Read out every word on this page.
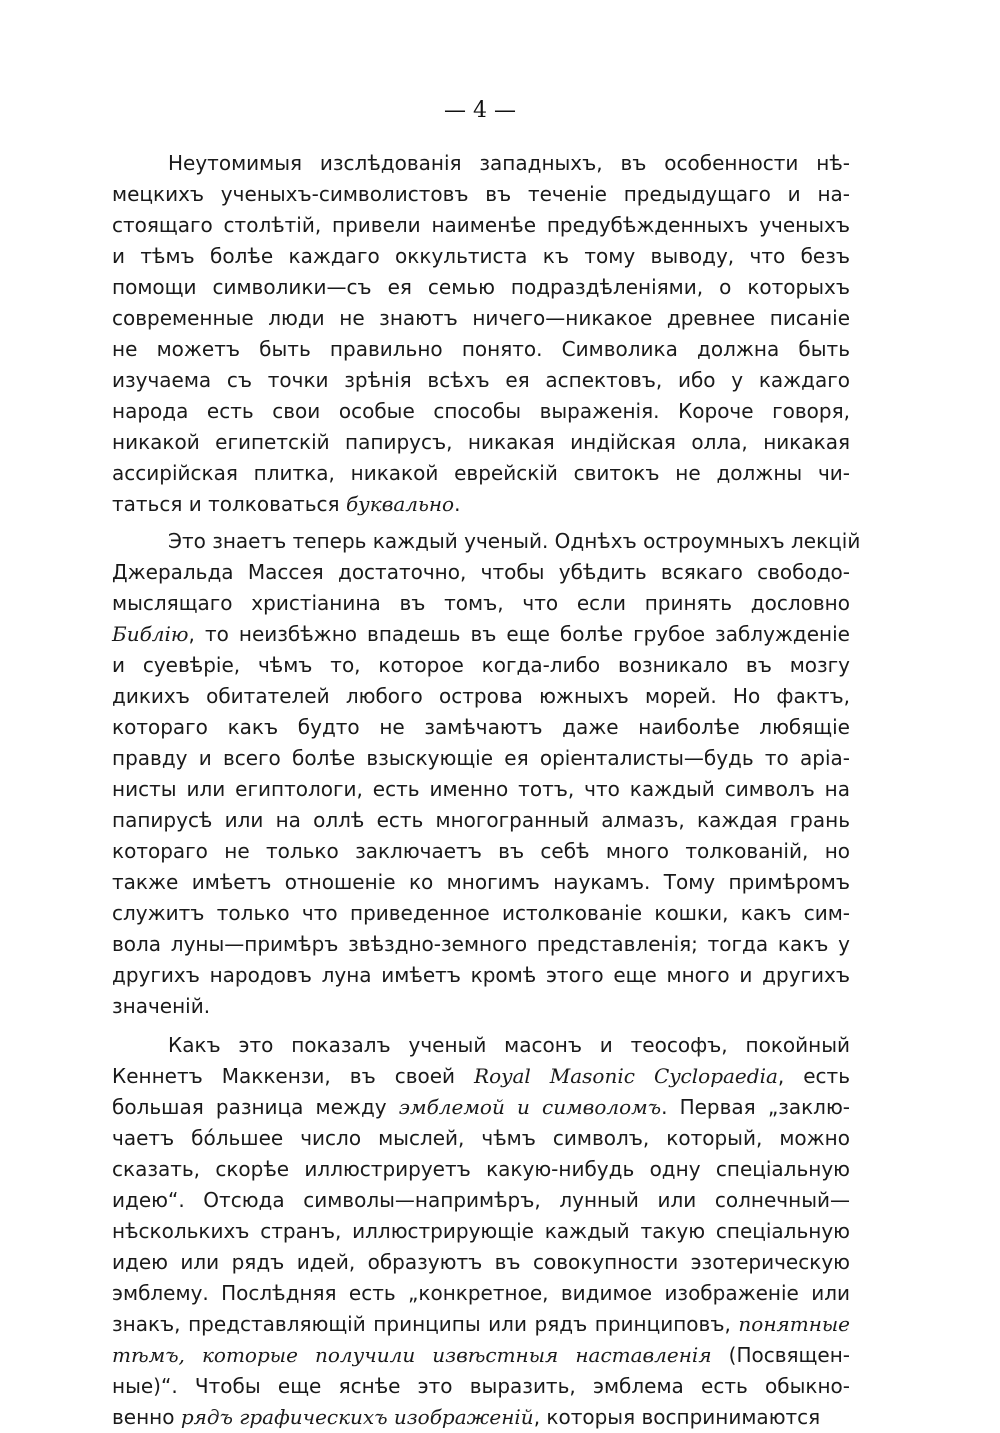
— 4 —
Неутомимыя изслѣдованія западныхъ, въ особенности нѣ-
мецкихъ ученыхъ-символистовъ въ теченіе предыдущаго и на-
стоящаго столѣтій, привели наименѣе предубѣжденныхъ ученыхъ
и тѣмъ болѣе каждаго оккультиста къ тому выводу, что безъ
помощи символики—съ ея семью подраздѣленіями, о которыхъ
современные люди не знаютъ ничего—никакое древнее писаніе
не можетъ быть правильно понято. Символика должна быть
изучаема съ точки зрѣнія всѣхъ ея аспектовъ, ибо у каждаго
народа есть свои особые способы выраженія. Короче говоря,
никакой египетскій папирусъ, никакая индійская олла, никакая
ассирійская плитка, никакой еврейскій свитокъ не должны чи-
таться и толковаться буквально.
Это знаетъ теперь каждый ученый. Однѣхъ остроумныхъ лекцій
Джеральда Массея достаточно, чтобы убѣдить всякаго свободо-
мыслящаго христіанина въ томъ, что если принять дословно
Библію, то неизбѣжно впадешь въ еще болѣе грубое заблужденіе
и суевѣріе, чѣмъ то, которое когда-либо возникало въ мозгу
дикихъ обитателей любого острова южныхъ морей. Но фактъ,
котораго какъ будто не замѣчаютъ даже наиболѣе любящіе
правду и всего болѣе взыскующіе ея оріенталисты—будь то аріа-
нисты или египтологи, есть именно тотъ, что каждый символъ на
папирусѣ или на оллѣ есть многогранный алмазъ, каждая грань
котораго не только заключаетъ въ себѣ много толкованій, но
также имѣетъ отношеніе ко многимъ наукамъ. Тому примѣромъ
служитъ только что приведенное истолкованіе кошки, какъ сим-
вола луны—примѣръ звѣздно-земного представленія; тогда какъ у
другихъ народовъ луна имѣетъ кромѣ этого еще много и другихъ
значеній.
Какъ это показалъ ученый масонъ и теософъ, покойный
Кеннетъ Маккензи, въ своей Royal Masonic Cyclopaedia, есть
большая разница между эмблемой и символомъ. Первая „заклю-
чаетъ бóльшее число мыслей, чѣмъ символъ, который, можно
сказать, скорѣе иллюстрируетъ какую-нибудь одну спеціальную
идею“. Отсюда символы—напримѣръ, лунный или солнечный—
нѣсколькихъ странъ, иллюстрирующіе каждый такую спеціальную
идею или рядъ идей, образуютъ въ совокупности эзотерическую
эмблему. Послѣдняя есть „конкретное, видимое изображеніе или
знакъ, представляющій принципы или рядъ принциповъ, понятные
тѣмъ, которые получили извѣстныя наставленія (Посвящен-
ные)“. Чтобы еще яснѣе это выразить, эмблема есть обыкно-
венно рядъ графическихъ изображеній, которыя воспринимаются
